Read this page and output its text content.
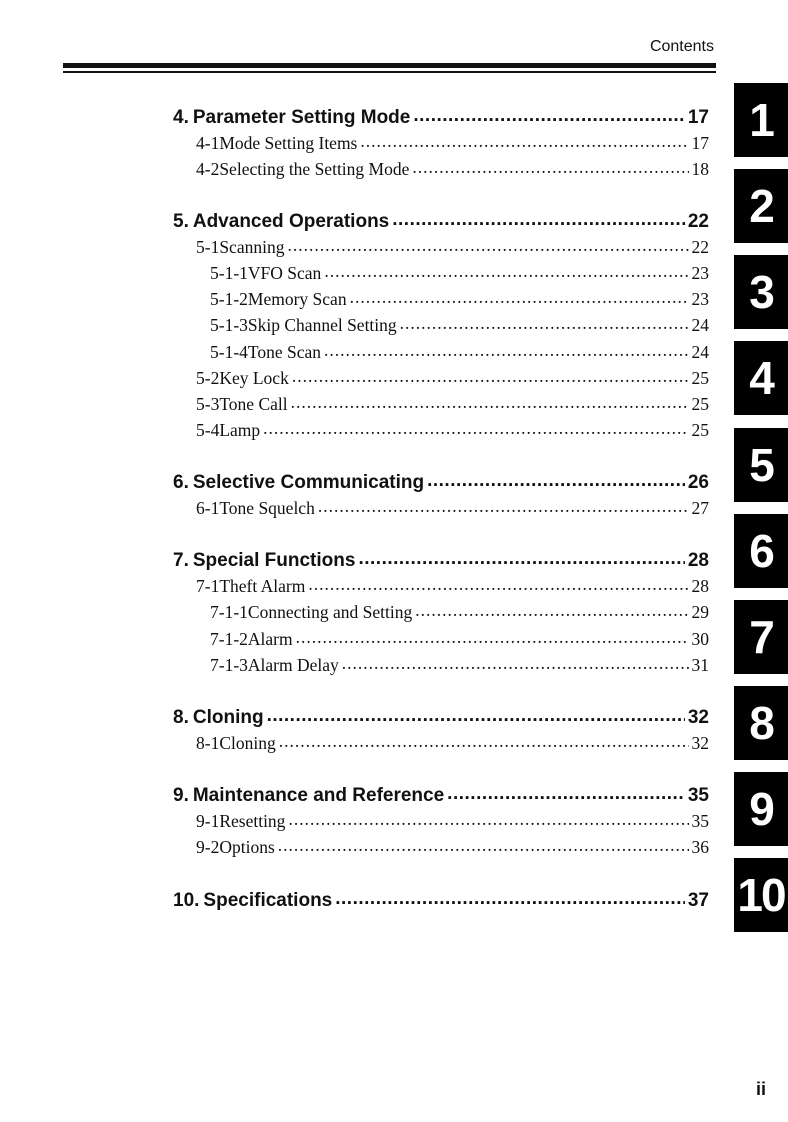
Contents
4. Parameter Setting Mode .....	17
4-1 Mode Setting Items .....	17
4-2 Selecting the Setting Mode .....	18
5. Advanced Operations .....	22
5-1 Scanning .....	22
5-1-1 VFO Scan .....	23
5-1-2 Memory Scan .....	23
5-1-3 Skip Channel Setting .....	24
5-1-4 Tone Scan .....	24
5-2 Key Lock .....	25
5-3 Tone Call .....	25
5-4 Lamp .....	25
6. Selective Communicating .....	26
6-1 Tone Squelch .....	27
7. Special Functions .....	28
7-1 Theft Alarm .....	28
7-1-1 Connecting and Setting .....	29
7-1-2 Alarm .....	30
7-1-3 Alarm Delay .....	31
8. Cloning .....	32
8-1 Cloning .....	32
9. Maintenance and Reference .....	35
9-1 Resetting .....	35
9-2 Options .....	36
10. Specifications .....	37
1
2
3
4
5
6
7
8
9
10
ii
